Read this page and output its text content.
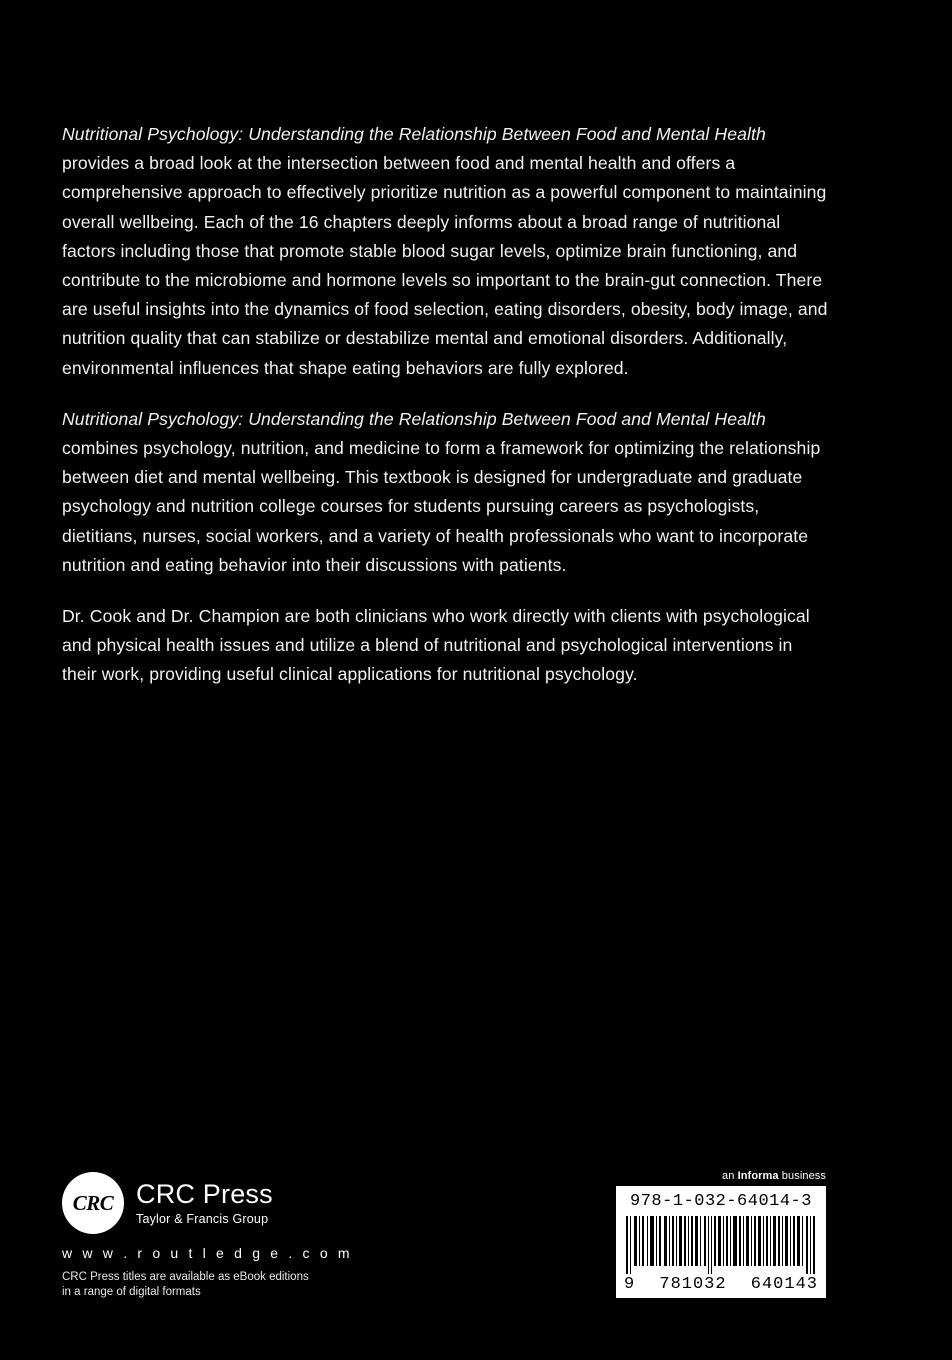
Nutritional Psychology: Understanding the Relationship Between Food and Mental Health provides a broad look at the intersection between food and mental health and offers a comprehensive approach to effectively prioritize nutrition as a powerful component to maintaining overall wellbeing. Each of the 16 chapters deeply informs about a broad range of nutritional factors including those that promote stable blood sugar levels, optimize brain functioning, and contribute to the microbiome and hormone levels so important to the brain-gut connection. There are useful insights into the dynamics of food selection, eating disorders, obesity, body image, and nutrition quality that can stabilize or destabilize mental and emotional disorders. Additionally, environmental influences that shape eating behaviors are fully explored.

Nutritional Psychology: Understanding the Relationship Between Food and Mental Health combines psychology, nutrition, and medicine to form a framework for optimizing the relationship between diet and mental wellbeing. This textbook is designed for undergraduate and graduate psychology and nutrition college courses for students pursuing careers as psychologists, dietitians, nurses, social workers, and a variety of health professionals who want to incorporate nutrition and eating behavior into their discussions with patients.

Dr. Cook and Dr. Champion are both clinicians who work directly with clients with psychological and physical health issues and utilize a blend of nutritional and psychological interventions in their work, providing useful clinical applications for nutritional psychology.

CRC CRC Press
Taylor & Francis Group
w w w . r o u t l e d g e . c o m
CRC Press titles are available as eBook editions
in a range of digital formats
an Informa business
978-1-032-64014-3
9 781032 640143
